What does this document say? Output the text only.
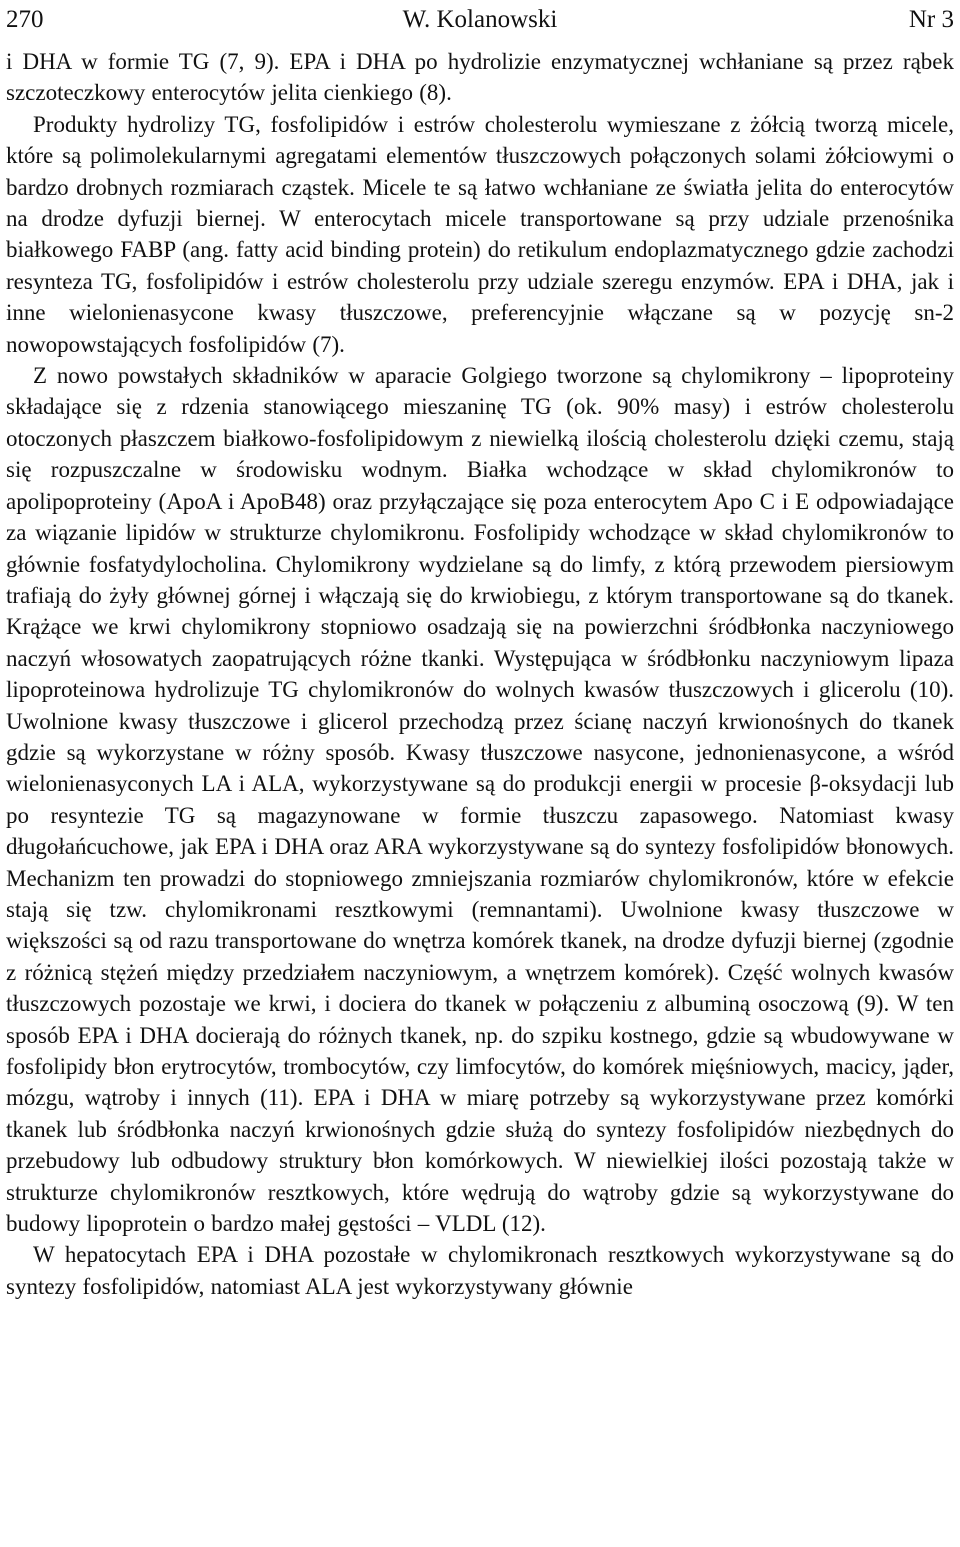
270	W. Kolanowski	Nr 3

i DHA w formie TG (7, 9). EPA i DHA po hydrolizie enzymatycznej wchłaniane są przez rąbek szczoteczkowy enterocytów jelita cienkiego (8).

Produkty hydrolizy TG, fosfolipidów i estrów cholesterolu wymieszane z żółcią tworzą micele, które są polimolekularnymi agregatami elementów tłuszczowych połączonych solami żółciowymi o bardzo drobnych rozmiarach cząstek. Micele te są łatwo wchłaniane ze światła jelita do enterocytów na drodze dyfuzji biernej. W enterocytach micele transportowane są przy udziale przenośnika białkowego FABP (ang. fatty acid binding protein) do retikulum endoplazmatycznego gdzie zachodzi resynteza TG, fosfolipidów i estrów cholesterolu przy udziale szeregu enzymów. EPA i DHA, jak i inne wielonienasycone kwasy tłuszczowe, preferencyjnie włączane są w pozycję sn-2 nowopowstających fosfolipidów (7).

Z nowo powstałych składników w aparacie Golgiego tworzone są chylomikrony – lipoproteiny składające się z rdzenia stanowiącego mieszaninę TG (ok. 90% masy) i estrów cholesterolu otoczonych płaszczem białkowo-fosfolipidowym z niewielką ilością cholesterolu dzięki czemu, stają się rozpuszczalne w środowisku wodnym. Białka wchodzące w skład chylomikronów to apolipoproteiny (ApoA i ApoB48) oraz przyłączające się poza enterocytem Apo C i E odpowiadające za wiązanie lipidów w strukturze chylomikronu. Fosfolipidy wchodzące w skład chylomikronów to głównie fosfatydylocholina. Chylomikrony wydzielane są do limfy, z którą przewodem piersiowym trafiają do żyły głównej górnej i włączają się do krwiobiegu, z którym transportowane są do tkanek. Krążące we krwi chylomikrony stopniowo osadzają się na powierzchni śródbłonka naczyniowego naczyń włosowatych zaopatrujących różne tkanki. Występująca w śródbłonku naczyniowym lipaza lipoproteinowa hydrolizuje TG chylomikronów do wolnych kwasów tłuszczowych i glicerolu (10). Uwolnione kwasy tłuszczowe i glicerol przechodzą przez ścianę naczyń krwionośnych do tkanek gdzie są wykorzystane w różny sposób. Kwasy tłuszczowe nasycone, jednonienasycone, a wśród wielonienasyconych LA i ALA, wykorzystywane są do produkcji energii w procesie β-oksydacji lub po resyntezie TG są magazynowane w formie tłuszczu zapasowego. Natomiast kwasy długołańcuchowe, jak EPA i DHA oraz ARA wykorzystywane są do syntezy fosfolipidów błonowych. Mechanizm ten prowadzi do stopniowego zmniejszania rozmiarów chylomikronów, które w efekcie stają się tzw. chylomikronami resztkowymi (remnantami). Uwolnione kwasy tłuszczowe w większości są od razu transportowane do wnętrza komórek tkanek, na drodze dyfuzji biernej (zgodnie z różnicą stężeń między przedziałem naczyniowym, a wnętrzem komórek). Część wolnych kwasów tłuszczowych pozostaje we krwi, i dociera do tkanek w połączeniu z albuminą osoczową (9). W ten sposób EPA i DHA docierają do różnych tkanek, np. do szpiku kostnego, gdzie są wbudowywane w fosfolipidy błon erytrocytów, trombocytów, czy limfocytów, do komórek mięśniowych, macicy, jąder, mózgu, wątroby i innych (11). EPA i DHA w miarę potrzeby są wykorzystywane przez komórki tkanek lub śródbłonka naczyń krwionośnych gdzie służą do syntezy fosfolipidów niezbędnych do przebudowy lub odbudowy struktury błon komórkowych. W niewielkiej ilości pozostają także w strukturze chylomikronów resztkowych, które wędrują do wątroby gdzie są wykorzystywane do budowy lipoprotein o bardzo małej gęstości – VLDL (12).

W hepatocytach EPA i DHA pozostałe w chylomikronach resztkowych wykorzystywane są do syntezy fosfolipidów, natomiast ALA jest wykorzystywany głównie
